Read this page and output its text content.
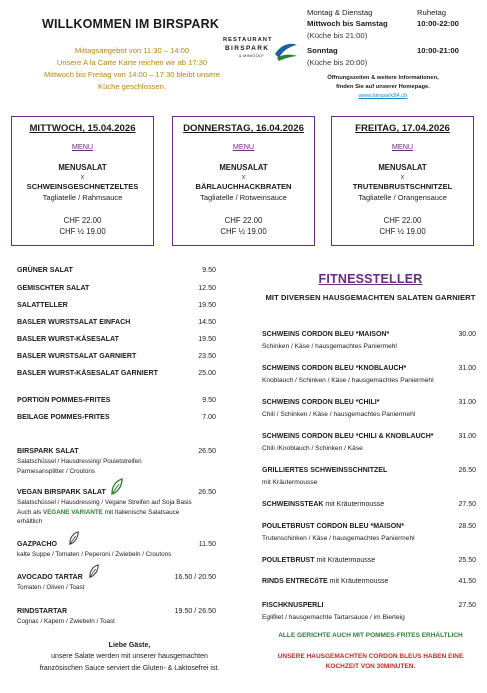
WILLKOMMEN IM BIRSPARK
Mittagsangebot von 11:30 – 14:00
Unsere A la Carte Karte reichen wir ab 17:30
Mittwoch bis Freitag von 14:00 – 17:30 bleibt unsere
Küche geschlossen.
RESTAURANT
BIRSPARK
& MINIGOLF
Montag & Dienstag	Ruhetag
Mittwoch bis Samstag	10:00-22:00
(Küche bis 21:00)
Sonntag	10:00-21:00
(Küche bis 20:00)
Öffnungszeiten & weitere Informationen,
finden Sie auf unserer Homepage.
www.birspark24.ch
MITTWOCH, 15.04.2026
MENU
MENUSALAT
x
SCHWEINSGESCHNETZELTES
Tagliatelle / Rahmsauce
CHF 22.00
CHF ½ 19.00
DONNERSTAG, 16.04.2026
MENU
MENUSALAT
x
BÄRLAUCHHACKBRATEN
Tagliatelle / Rotweinsauce
CHF 22.00
CHF ½ 19.00
FREITAG, 17.04.2026
MENU
MENUSALAT
x
TRUTENBRUSTSCHNITZEL
Tagliatelle / Orangensauce
CHF 22.00
CHF ½ 19.00
GRÜNER SALAT	9.50
GEMISCHTER SALAT	12.50
SALATTELLER	19.50
BASLER WURSTSALAT EINFACH	14.50
BASLER WURST-KÄSESALAT	19.50
BASLER WURSTSALAT GARNIERT	23.50
BASLER WURST-KÄSESALAT GARNIERT	25.00
PORTION POMMES-FRITES	9.50
BEILAGE POMMES-FRITES	7.00
BIRSPARK SALAT	26.50
Salatschüssel / Hausdressing/ Pouletstreifen
Parmesansplitter / Croutons
VEGAN BIRSPARK SALAT	26.50
Salatschüssel / Hausdressing / Vegane Streifen auf Soja Basis
Auch als VEGANE VARIANTE mit Italienische Salatsauce
erhältlich
GAZPACHO	11.50
kalte Suppe / Tomaten / Peperoni / Zwiebeln / Croutons
AVOCADO TARTAR	16.50 / 20.50
Tomaten / Oliven / Toast
RINDSTARTAR	19.50 / 26.50
Cognac / Kapern / Zwiebeln / Toast
Liebe Gäste,
unsere Salate werden mit unserer hausgemachten
französischen Sauce serviert die Gluten- & Laktosefrei ist.
FITNESSTELLER
MIT DIVERSEN HAUSGEMACHTEN SALATEN GARNIERT
SCHWEINS CORDON BLEU *MAISON*	30.00
Schinken / Käse / hausgemachtes Paniermehl
SCHWEINS CORDON BLEU *KNOBLAUCH*	31.00
Knoblauch / Schinken / Käse / hausgemachtes Paniermehl
SCHWEINS CORDON BLEU *CHILI*	31.00
Chili / Schinken / Käse / hausgemachtes Paniermehl
SCHWEINS CORDON BLEU *CHILI & KNOBLAUCH*	31.00
Chili /Knoblauch / Schinken / Käse
GRILLIERTES SCHWEINSSCHNITZEL	26.50
mit Kräutermousse
SCHWEINSSTEAK mit Kräutermousse	27.50
POULETBRUST CORDON BLEU *MAISON*	28.50
Trutenschinken / Käse / hausgemachtes Paniermehl
POULETBRUST mit Kräutermousse	25.50
RINDS ENTRECôTE mit Kräutermousse	41.50
FISCHKNUSPERLI	27.50
Eglifilet / hausgemachte Tartarsauce / im Bierteig
ALLE GERICHTE AUCH MIT POMMES-FRITES ERHÄLTLICH
UNSERE HAUSGEMACHTEN CORDON BLEUS HABEN EINE
KOCHZEIT VON 30MINUTEN.
